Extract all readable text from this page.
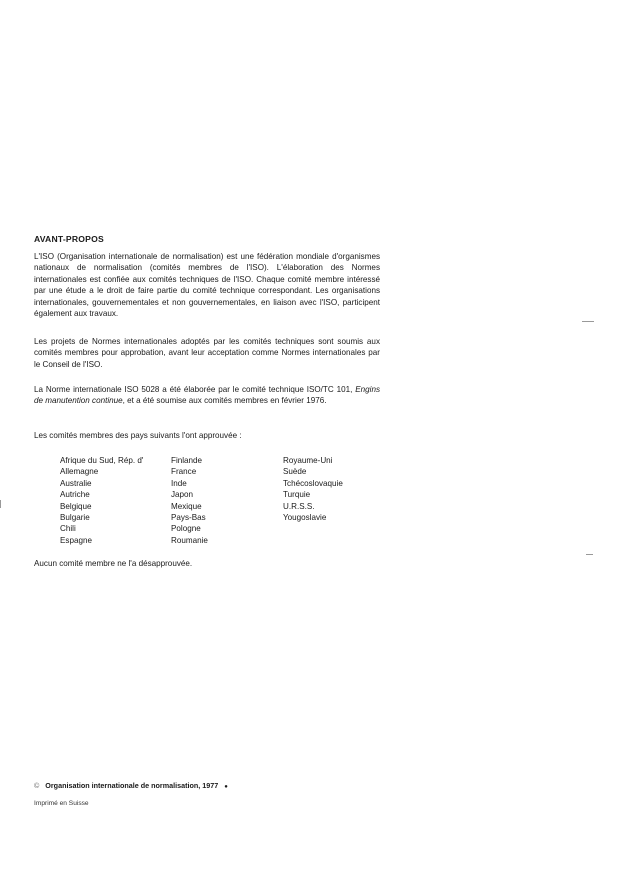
AVANT-PROPOS

L'ISO (Organisation internationale de normalisation) est une fédération mondiale d'organismes nationaux de normalisation (comités membres de l'ISO). L'élaboration des Normes internationales est confiée aux comités techniques de l'ISO. Chaque comité membre intéressé par une étude a le droit de faire partie du comité technique correspondant. Les organisations internationales, gouvernementales et non gouvernementales, en liaison avec l'ISO, participent également aux travaux.

Les projets de Normes internationales adoptés par les comités techniques sont soumis aux comités membres pour approbation, avant leur acceptation comme Normes internationales par le Conseil de l'ISO.

La Norme internationale ISO 5028 a été élaborée par le comité technique ISO/TC 101, Engins de manutention continue, et a été soumise aux comités membres en février 1976.

Les comités membres des pays suivants l'ont approuvée :

Afrique du Sud, Rép. d'
Allemagne
Australie
Autriche
Belgique
Bulgarie
Chili
Espagne
Finlande
France
Inde
Japon
Mexique
Pays-Bas
Pologne
Roumanie
Royaume-Uni
Suède
Tchécoslovaquie
Turquie
U.R.S.S.
Yougoslavie

Aucun comité membre ne l'a désapprouvée.

© Organisation internationale de normalisation, 1977 ●
Imprimé en Suisse
